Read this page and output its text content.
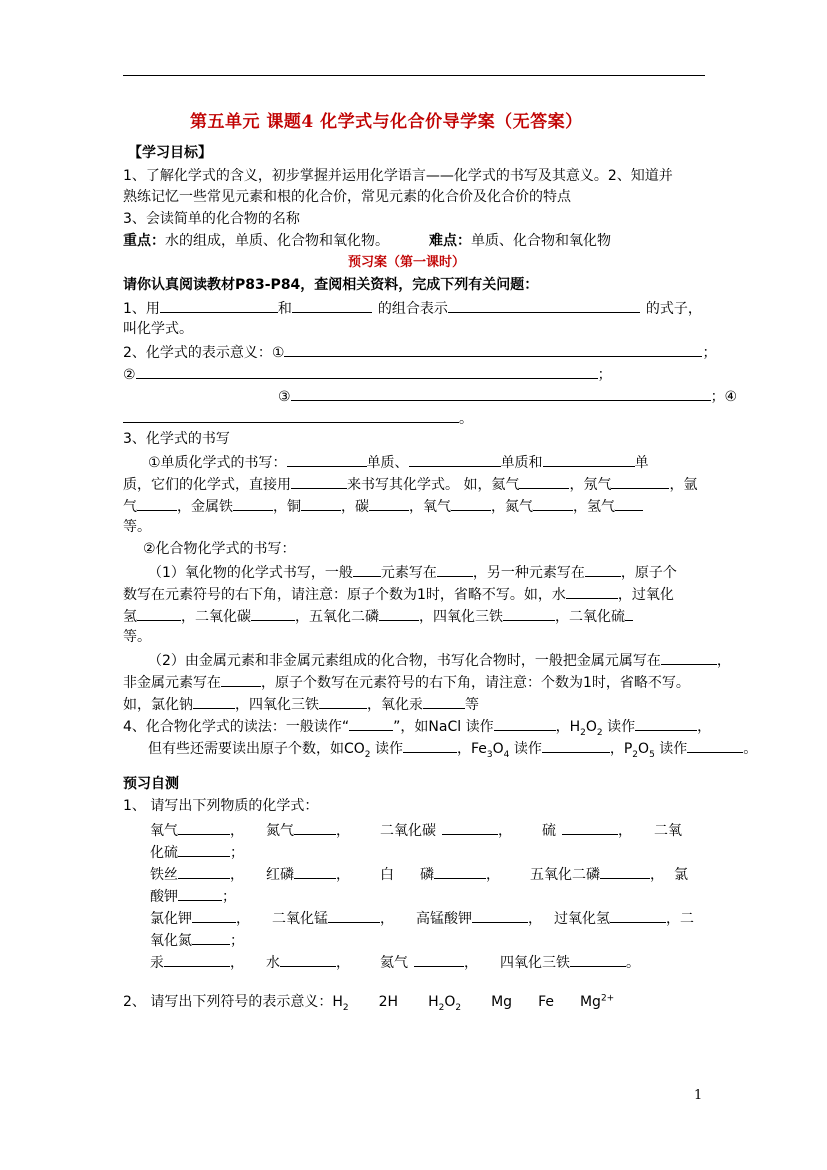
第五单元 课题4 化学式与化合价导学案（无答案）
【学习目标】
1、了解化学式的含义，初步掌握并运用化学语言——化学式的书写及其意义。2、知道并
熟练记忆一些常见元素和根的化合价，常见元素的化合价及化合价的特点
3、会读简单的化合物的名称
重点：水的组成，单质、化合物和氧化物。	难点：单质、化合物和氧化物
预习案（第一课时）
请你认真阅读教材P83-P84，查阅相关资料，完成下列有关问题：
1、用	和	的组合表示	的式子，
叫化学式。
2、化学式的表示意义：①	；
②	；
③	；④
。
3、化学式的书写
①单质化学式的书写：	单质、	单质和	单
质，它们的化学式，直接用	来书写其化学式。 如，氦气	，氖气	，氩
气	，金属铁	，铜	，碳	，氧气	，氮气	，氢气
等。
②化合物化学式的书写：
（1）氧化物的化学式书写，一般 元素写在	，另一种元素写在	，原子个
数写在元素符号的右下角，请注意：原子个数为1时，省略不写。如，水	，过氧化
氢	，二氧化碳	，五氧化二磷	，四氧化三铁	，二氧化硫
等。
（2）由金属元素和非金属元素组成的化合物，书写化合物时，一般把金属元属写在	，
非金属元素写在	，原子个数写在元素符号的右下角，请注意：个数为1时，省略不写。
如，氯化钠	，四氧化三铁	，氧化汞	等
4、化合物化学式的读法：一般读作“	”，如NaCl 读作	，$H_2O_2$ 读作	，
但有些还需要读出原子个数，如$CO_2$ 读作	，$Fe_3O_4$ 读作	，$P_2O_5$ 读作	。
预习自测
1、 请写出下列物质的化学式：
氧气	， 氮气	， 二氧化碳	， 硫	， 二氧
化硫	；
铁丝	， 红磷	， 白 磷	， 五氧化二磷	， 氯
酸钾	；
氯化钾	， 二氧化锰	， 高锰酸钾	， 过氧化氢	，二
氧化氮	；
汞	， 水	， 氦气	， 四氧化三铁	。
2、 请写出下列符号的表示意义：$H_2$ 2H $H_2O_2$ Mg Fe $Mg^{2+}$
1
